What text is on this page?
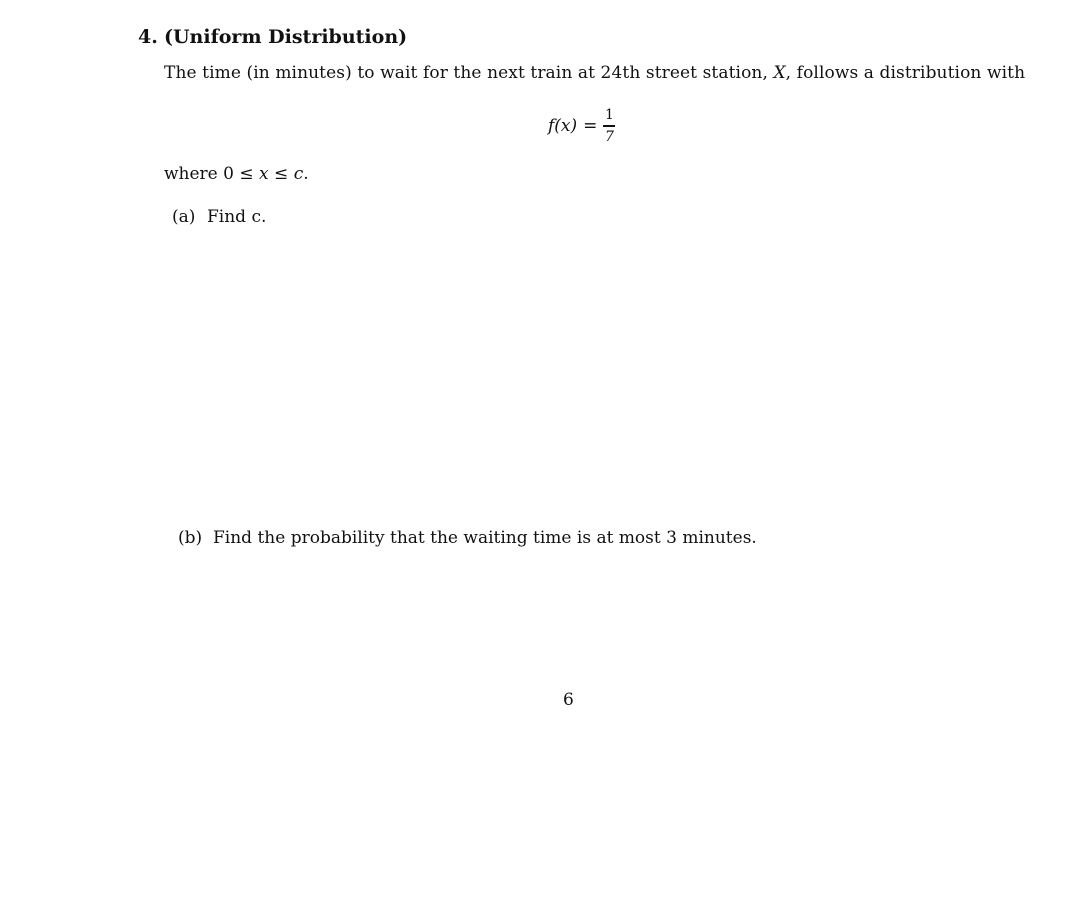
4. (Uniform Distribution)
The time (in minutes) to wait for the next train at 24th street station, X, follows a distribution with
$f(x) = \frac{1}{7}$
where 0 ≤ x ≤ c.
(a) Find c.
(b) Find the probability that the waiting time is at most 3 minutes.
6
